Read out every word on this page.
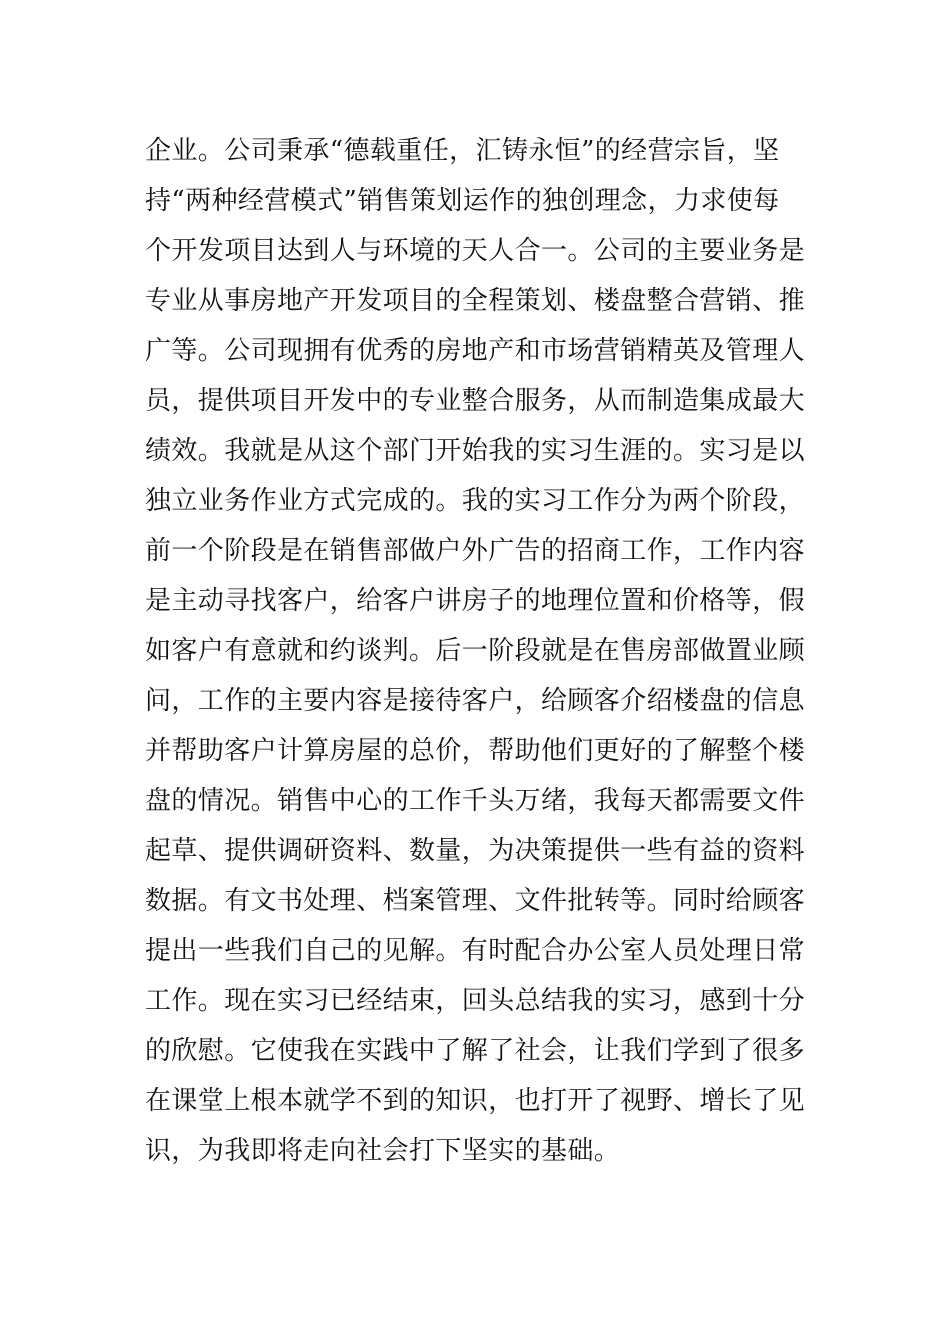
企业。公司秉承“德载重任，汇铸永恒”的经营宗旨，坚
持“两种经营模式”销售策划运作的独创理念，力求使每
个开发项目达到人与环境的天人合一。公司的主要业务是
专业从事房地产开发项目的全程策划、楼盘整合营销、推
广等。公司现拥有优秀的房地产和市场营销精英及管理人
员，提供项目开发中的专业整合服务，从而制造集成最大
绩效。我就是从这个部门开始我的实习生涯的。实习是以
独立业务作业方式完成的。我的实习工作分为两个阶段，
前一个阶段是在销售部做户外广告的招商工作，工作内容
是主动寻找客户，给客户讲房子的地理位置和价格等，假
如客户有意就和约谈判。后一阶段就是在售房部做置业顾
问，工作的主要内容是接待客户，给顾客介绍楼盘的信息
并帮助客户计算房屋的总价，帮助他们更好的了解整个楼
盘的情况。销售中心的工作千头万绪，我每天都需要文件
起草、提供调研资料、数量，为决策提供一些有益的资料
数据。有文书处理、档案管理、文件批转等。同时给顾客
提出一些我们自己的见解。有时配合办公室人员处理日常
工作。现在实习已经结束，回头总结我的实习，感到十分
的欣慰。它使我在实践中了解了社会，让我们学到了很多
在课堂上根本就学不到的知识，也打开了视野、增长了见
识，为我即将走向社会打下坚实的基础。
